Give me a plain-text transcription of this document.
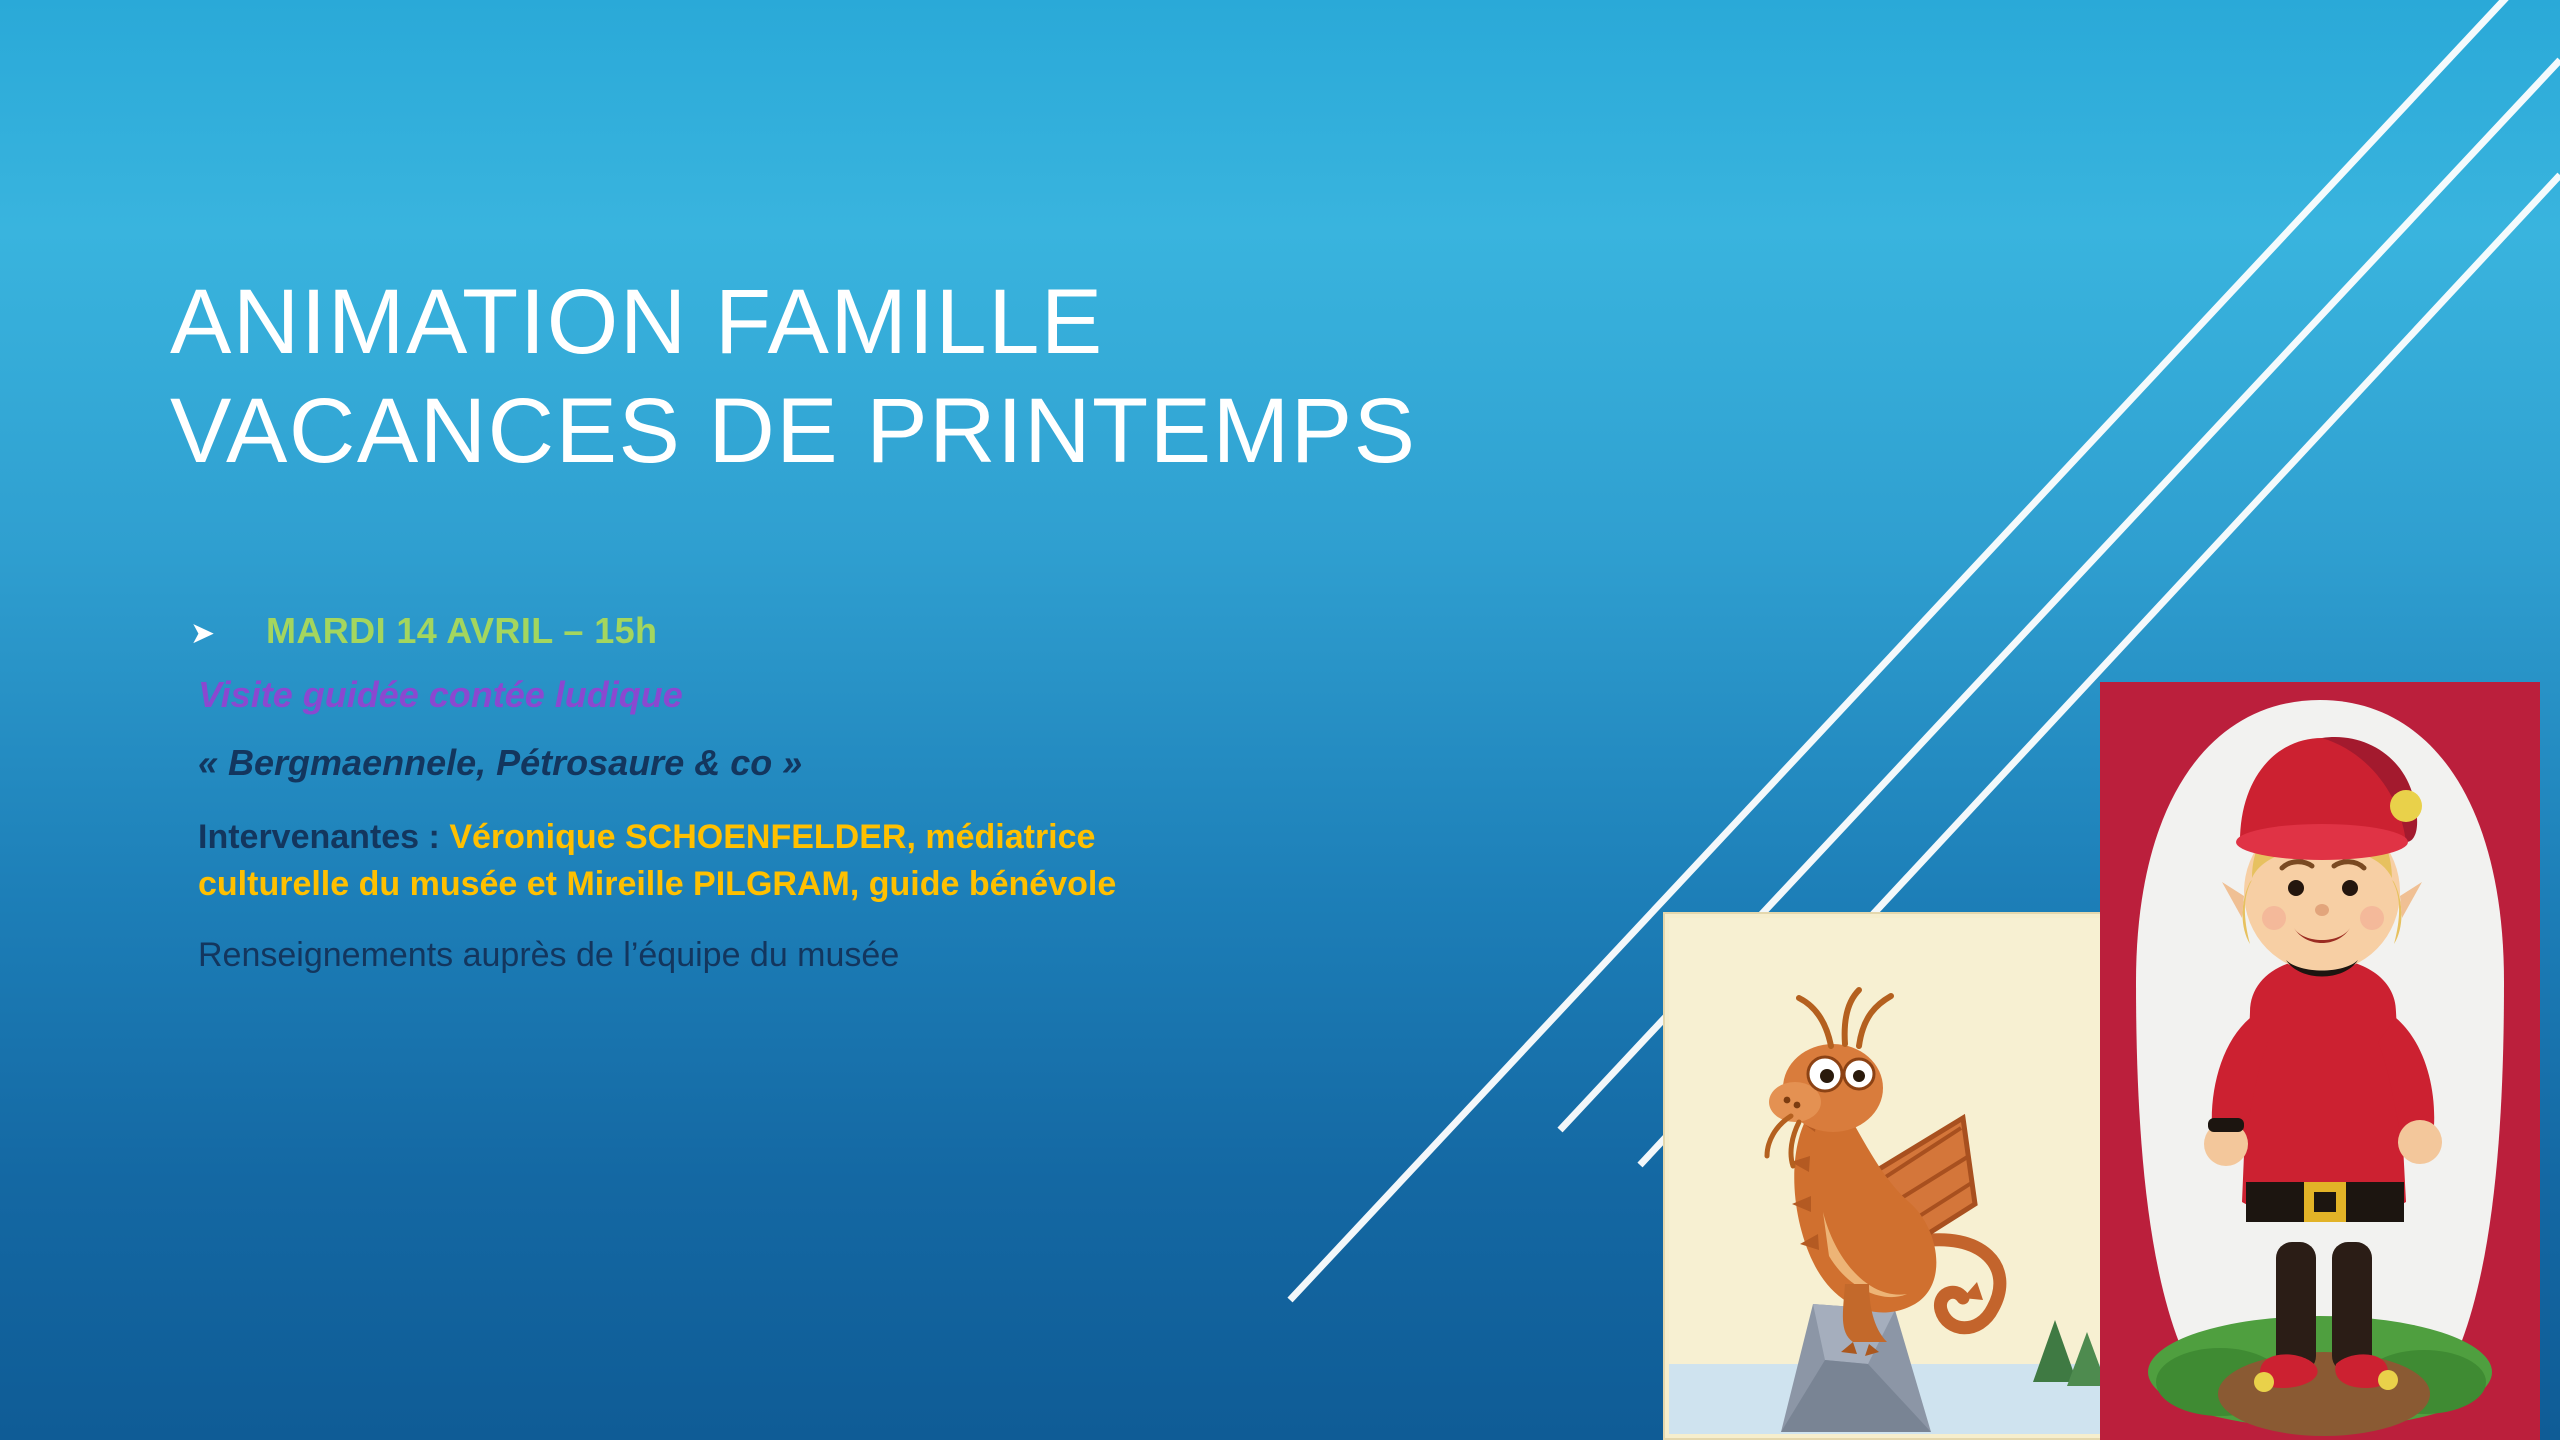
ANIMATION FAMILLE
VACANCES DE PRINTEMPS
➤	MARDI 14 AVRIL – 15h
Visite guidée contée ludique
« Bergmaennele, Pétrosaure & co »
Intervenantes : Véronique SCHOENFELDER, médiatrice
culturelle du musée et Mireille PILGRAM, guide bénévole
Renseignements auprès de l’équipe du musée
